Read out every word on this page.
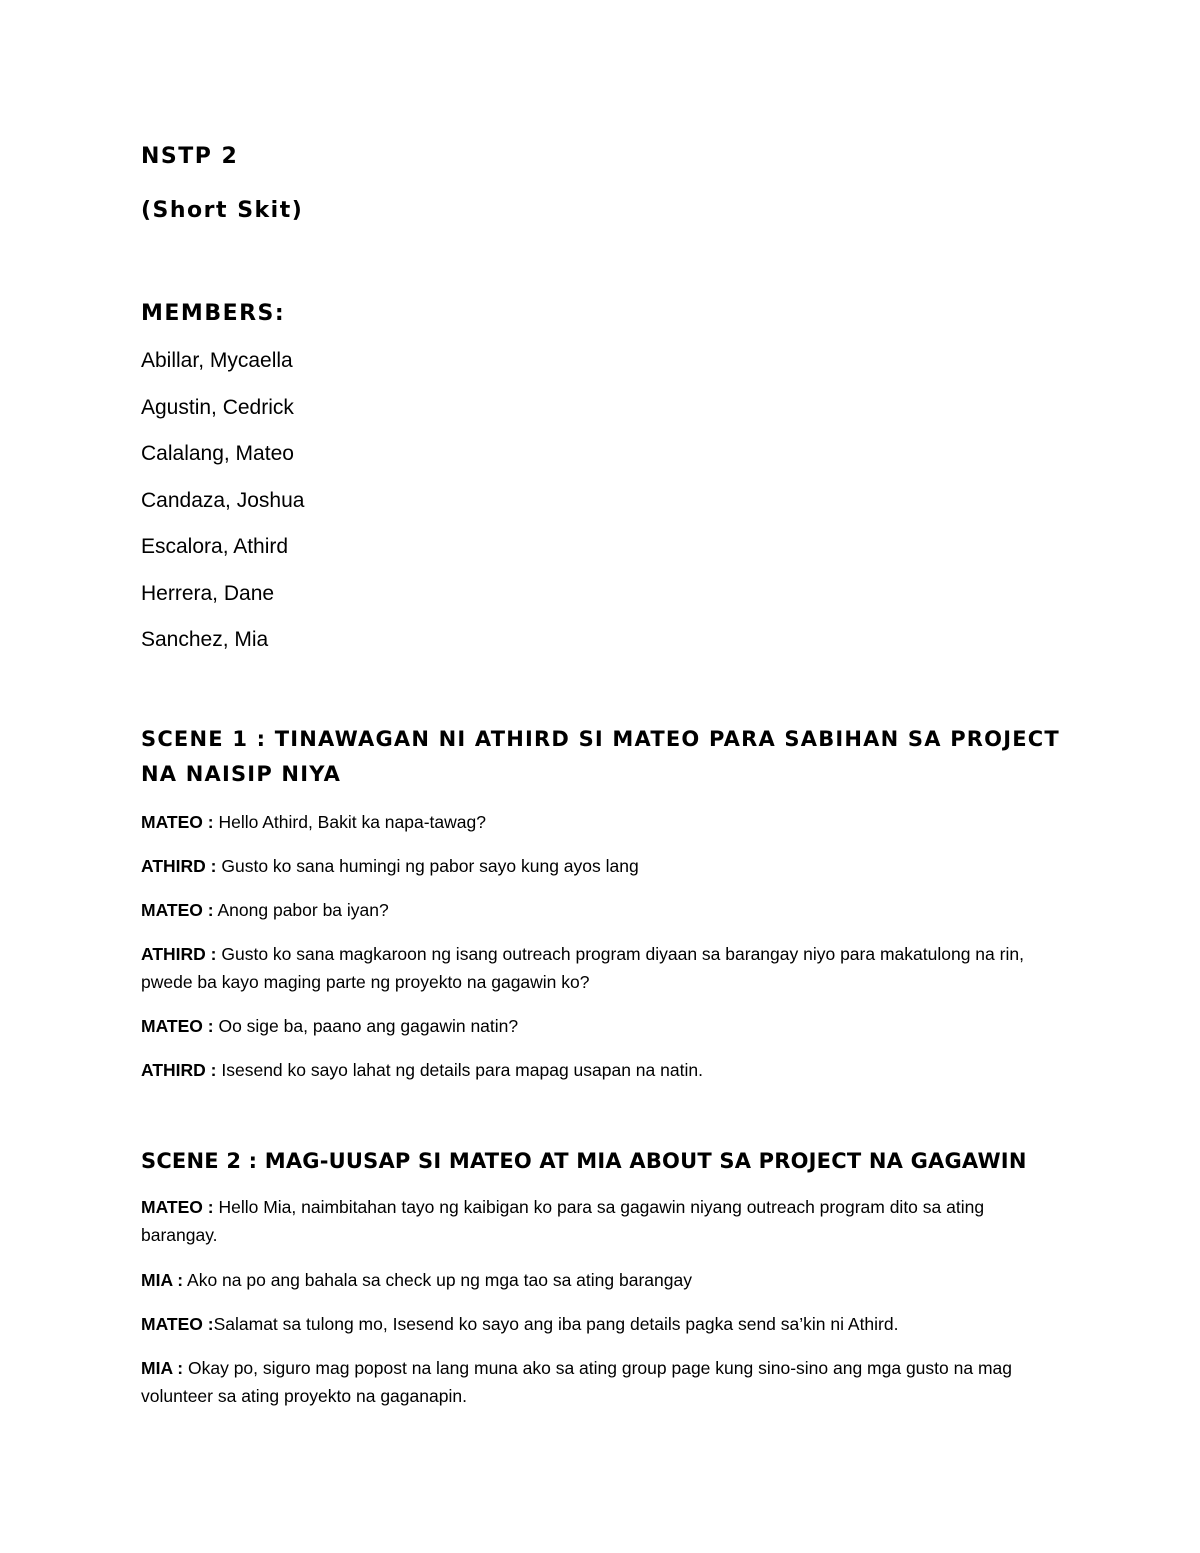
NSTP 2

(Short Skit)

MEMBERS:

Abillar, Mycaella

Agustin, Cedrick

Calalang, Mateo

Candaza, Joshua

Escalora, Athird

Herrera, Dane

Sanchez, Mia

SCENE 1 : TINAWAGAN NI ATHIRD SI MATEO PARA SABIHAN SA PROJECT NA NAISIP NIYA

MATEO : Hello Athird, Bakit ka napa-tawag?

ATHIRD : Gusto ko sana humingi ng pabor sayo kung ayos lang

MATEO : Anong pabor ba iyan?

ATHIRD : Gusto ko sana magkaroon ng isang outreach program diyaan sa barangay niyo para makatulong na rin, pwede ba kayo maging parte ng proyekto na gagawin ko?

MATEO : Oo sige ba, paano ang gagawin natin?

ATHIRD : Isesend ko sayo lahat ng details para mapag usapan na natin.

SCENE 2 : MAG-UUSAP SI MATEO AT MIA ABOUT SA PROJECT NA GAGAWIN

MATEO : Hello Mia, naimbitahan tayo ng kaibigan ko para sa gagawin niyang outreach program dito sa ating barangay.

MIA : Ako na po ang bahala sa check up ng mga tao sa ating barangay

MATEO :Salamat sa tulong mo, Isesend ko sayo ang iba pang details pagka send sa’kin ni Athird.

MIA : Okay po, siguro mag popost na lang muna ako sa ating group page kung sino-sino ang mga gusto na mag volunteer sa ating proyekto na gaganapin.
